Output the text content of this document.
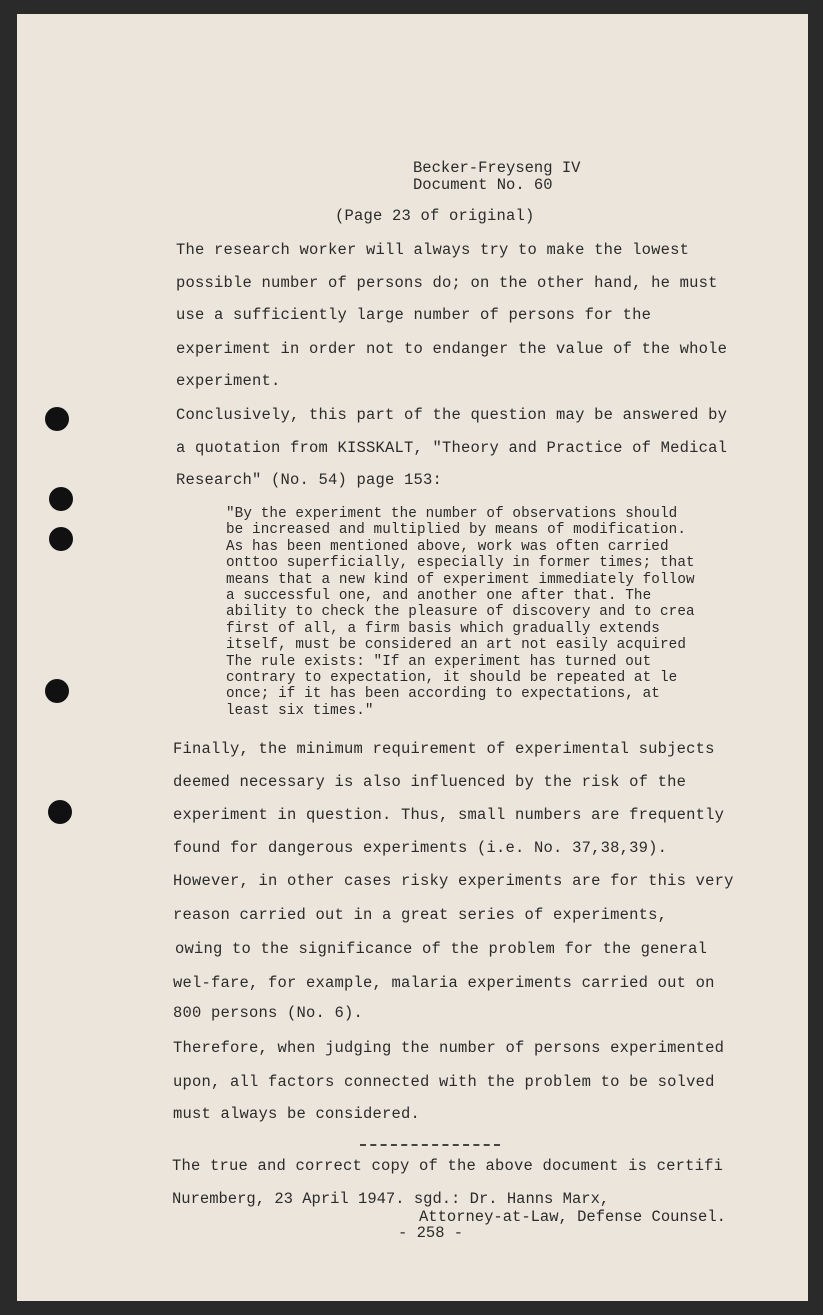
Becker-Freyseng IV
Document No. 60
(Page 23 of original)
The research worker will always try to make the lowest
possible number of persons do; on the other hand, he must
use a sufficiently large number of persons for the
experiment in order not to endanger the value of the whole
experiment.
Conclusively, this part of the question may be answered by
a quotation from KISSKALT, "Theory and Practice of Medical
Research" (No. 54) page 153:
"By the experiment the number of observations should
be increased and multiplied by means of modification.
As has been mentioned above, work was often carried
onttoo superficially, especially in former times; that
means that a new kind of experiment immediately follow
a successful one, and another one after that. The
ability to check the pleasure of discovery and to crea
first of all, a firm basis which gradually extends
itself, must be considered an art not easily acquired
The rule exists: "If an experiment has turned out
contrary to expectation, it should be repeated at le
once; if it has been according to expectations, at
least six times."
Finally, the minimum requirement of experimental subjects
deemed necessary is also influenced by the risk of the
experiment in question. Thus, small numbers are frequently
found for dangerous experiments (i.e. No. 37,38,39).
However, in other cases risky experiments are for this very
reason carried out in a great series of experiments,
owing to the significance of the problem for the general
wel-fare, for example, malaria experiments carried out on
800 persons (No. 6).
Therefore, when judging the number of persons experimented
upon, all factors connected with the problem to be solved
must always be considered.
The true and correct copy of the above document is certifi
Nuremberg, 23 April 1947. sgd.: Dr. Hanns Marx,
Attorney-at-Law, Defense Counsel.
- 258 -
